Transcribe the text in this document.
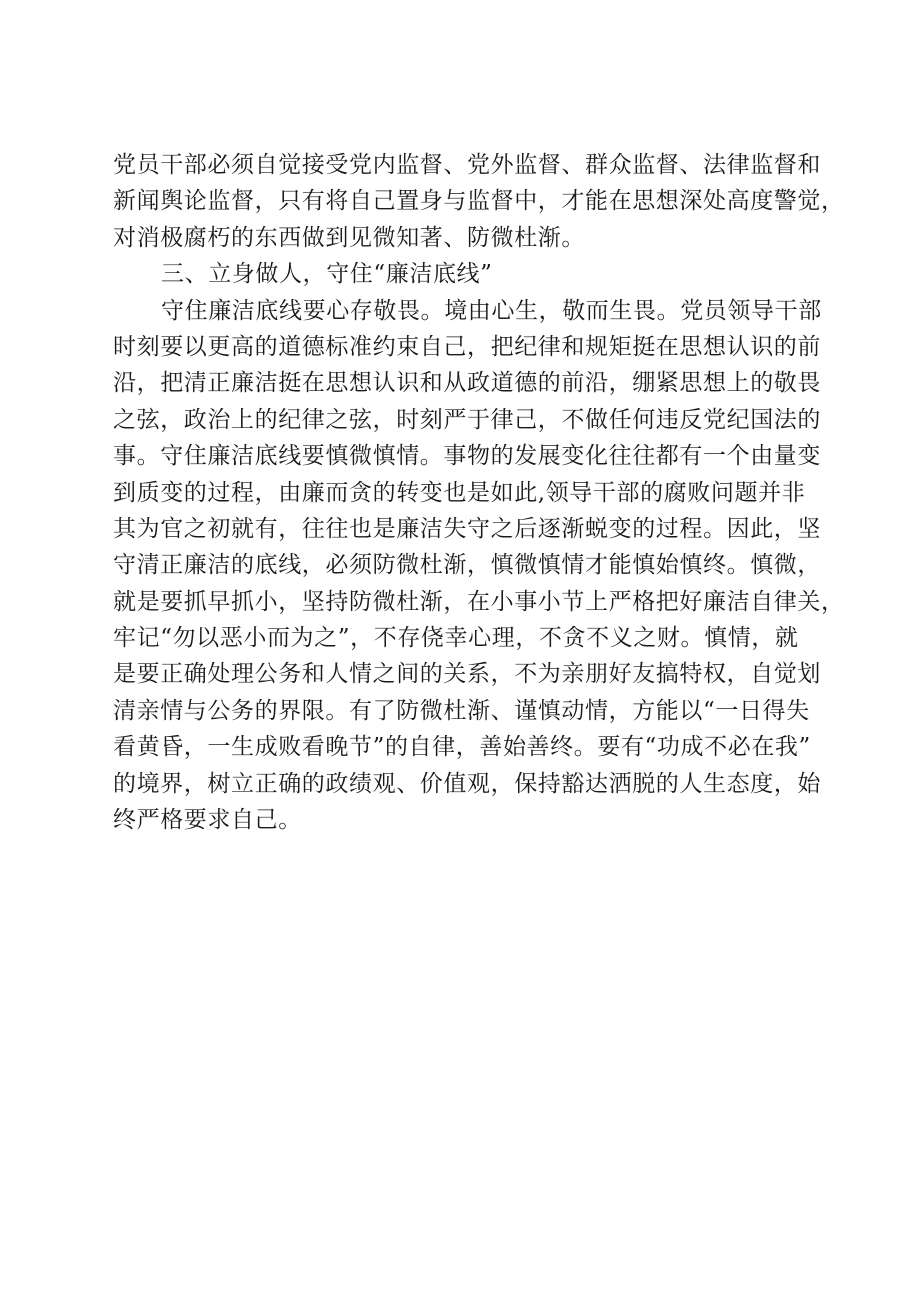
党员干部必须自觉接受党内监督、党外监督、群众监督、法律监督和
新闻舆论监督，只有将自己置身与监督中，才能在思想深处高度警觉，
对消极腐朽的东西做到见微知著、防微杜渐。
三、立身做人，守住“廉洁底线”
守住廉洁底线要心存敬畏。境由心生，敬而生畏。党员领导干部
时刻要以更高的道德标准约束自己，把纪律和规矩挺在思想认识的前
沿，把清正廉洁挺在思想认识和从政道德的前沿，绷紧思想上的敬畏
之弦，政治上的纪律之弦，时刻严于律己，不做任何违反党纪国法的
事。守住廉洁底线要慎微慎情。事物的发展变化往往都有一个由量变
到质变的过程，由廉而贪的转变也是如此,领导干部的腐败问题并非
其为官之初就有，往往也是廉洁失守之后逐渐蜕变的过程。因此，坚
守清正廉洁的底线，必须防微杜渐，慎微慎情才能慎始慎终。慎微，
就是要抓早抓小，坚持防微杜渐，在小事小节上严格把好廉洁自律关，
牢记“勿以恶小而为之”，不存侥幸心理，不贪不义之财。慎情，就
是要正确处理公务和人情之间的关系，不为亲朋好友搞特权，自觉划
清亲情与公务的界限。有了防微杜渐、谨慎动情，方能以“一日得失
看黄昏，一生成败看晚节”的自律，善始善终。要有“功成不必在我”
的境界，树立正确的政绩观、价值观，保持豁达洒脱的人生态度，始
终严格要求自己。
